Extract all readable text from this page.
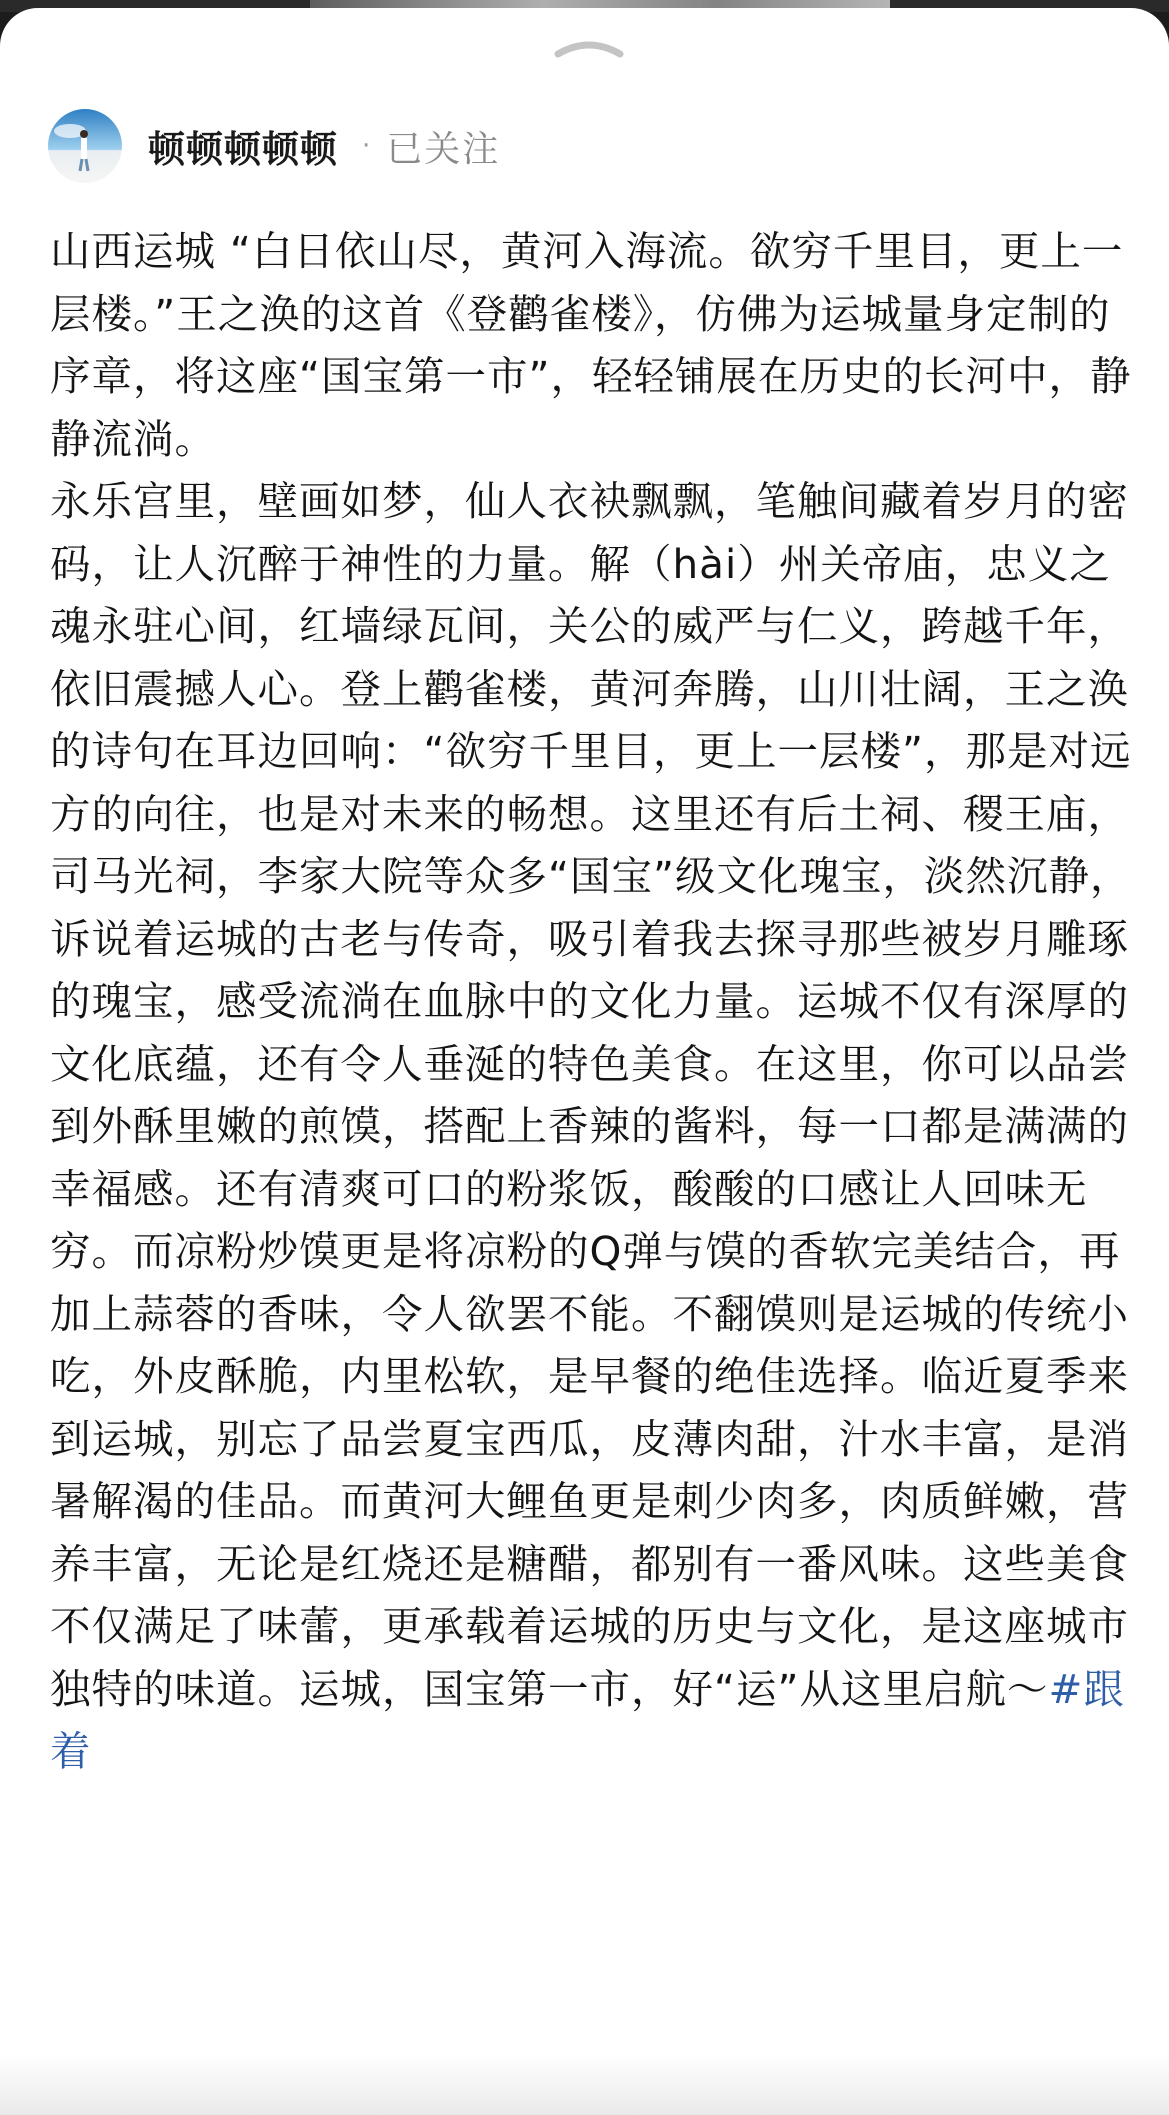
顿顿顿顿顿 · 已关注

山西运城 “白日依山尽，黄河入海流。欲穷千里目，更上一层楼。”王之涣的这首《登鹳雀楼》，仿佛为运城量身定制的序章，将这座“国宝第一市”，轻轻铺展在历史的长河中，静静流淌。

永乐宫里，壁画如梦，仙人衣袂飘飘，笔触间藏着岁月的密码，让人沉醉于神性的力量。解（hài）州关帝庙，忠义之魂永驻心间，红墙绿瓦间，关公的威严与仁义，跨越千年，依旧震撼人心。登上鹳雀楼，黄河奔腾，山川壮阔，王之涣的诗句在耳边回响：“欲穷千里目，更上一层楼”，那是对远方的向往，也是对未来的畅想。这里还有后土祠、稷王庙，司马光祠，李家大院等众多“国宝”级文化瑰宝，淡然沉静，诉说着运城的古老与传奇，吸引着我去探寻那些被岁月雕琢的瑰宝，感受流淌在血脉中的文化力量。运城不仅有深厚的文化底蕴，还有令人垂涎的特色美食。在这里，你可以品尝到外酥里嫩的煎馍，搭配上香辣的酱料，每一口都是满满的幸福感。还有清爽可口的粉浆饭，酸酸的口感让人回味无穷。而凉粉炒馍更是将凉粉的Q弹与馍的香软完美结合，再加上蒜蓉的香味，令人欲罢不能。不翻馍则是运城的传统小吃，外皮酥脆，内里松软，是早餐的绝佳选择。临近夏季来到运城，别忘了品尝夏宝西瓜，皮薄肉甜，汁水丰富，是消暑解渴的佳品。而黄河大鲤鱼更是刺少肉多，肉质鲜嫩，营养丰富，无论是红烧还是糖醋，都别有一番风味。这些美食不仅满足了味蕾，更承载着运城的历史与文化，是这座城市独特的味道。运城，国宝第一市，好“运”从这里启航～#跟着
